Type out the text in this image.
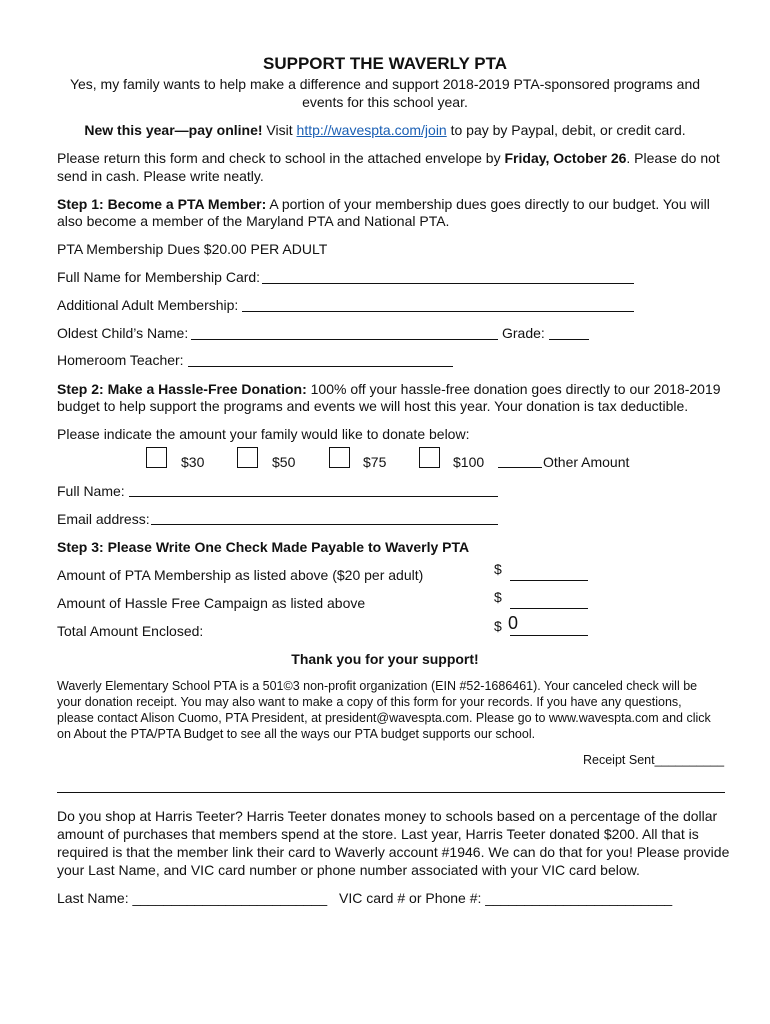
SUPPORT THE WAVERLY PTA
Yes, my family wants to help make a difference and support 2018-2019 PTA-sponsored programs and
events for this school year.
New this year—pay online! Visit http://wavespta.com/join to pay by Paypal, debit, or credit card.
Please return this form and check to school in the attached envelope by Friday, October 26. Please do not
send in cash. Please write neatly.
Step 1: Become a PTA Member: A portion of your membership dues goes directly to our budget. You will
also become a member of the Maryland PTA and National PTA.
PTA Membership Dues $20.00 PER ADULT
Full Name for Membership Card:
Additional Adult Membership:
Oldest Child’s Name:	Grade:
Homeroom Teacher:
Step 2: Make a Hassle-Free Donation: 100% off your hassle-free donation goes directly to our 2018-2019
budget to help support the programs and events we will host this year. Your donation is tax deductible.
Please indicate the amount your family would like to donate below:
$30	$50	$75	$100	Other Amount
Full Name:
Email address:
Step 3: Please Write One Check Made Payable to Waverly PTA
Amount of PTA Membership as listed above ($20 per adult)	$
Amount of Hassle Free Campaign as listed above	$
Total Amount Enclosed:	$ 0
Thank you for your support!
Waverly Elementary School PTA is a 501©3 non-profit organization (EIN #52-1686461). Your canceled check will be
your donation receipt. You may also want to make a copy of this form for your records. If you have any questions,
please contact Alison Cuomo, PTA President, at president@wavespta.com. Please go to www.wavespta.com and click
on About the PTA/PTA Budget to see all the ways our PTA budget supports our school.
Receipt Sent__________
Do you shop at Harris Teeter? Harris Teeter donates money to schools based on a percentage of the dollar
amount of purchases that members spend at the store. Last year, Harris Teeter donated $200. All that is
required is that the member link their card to Waverly account #1946. We can do that for you! Please provide
your Last Name, and VIC card number or phone number associated with your VIC card below.
Last Name: _________________________ VIC card # or Phone #: ________________________
